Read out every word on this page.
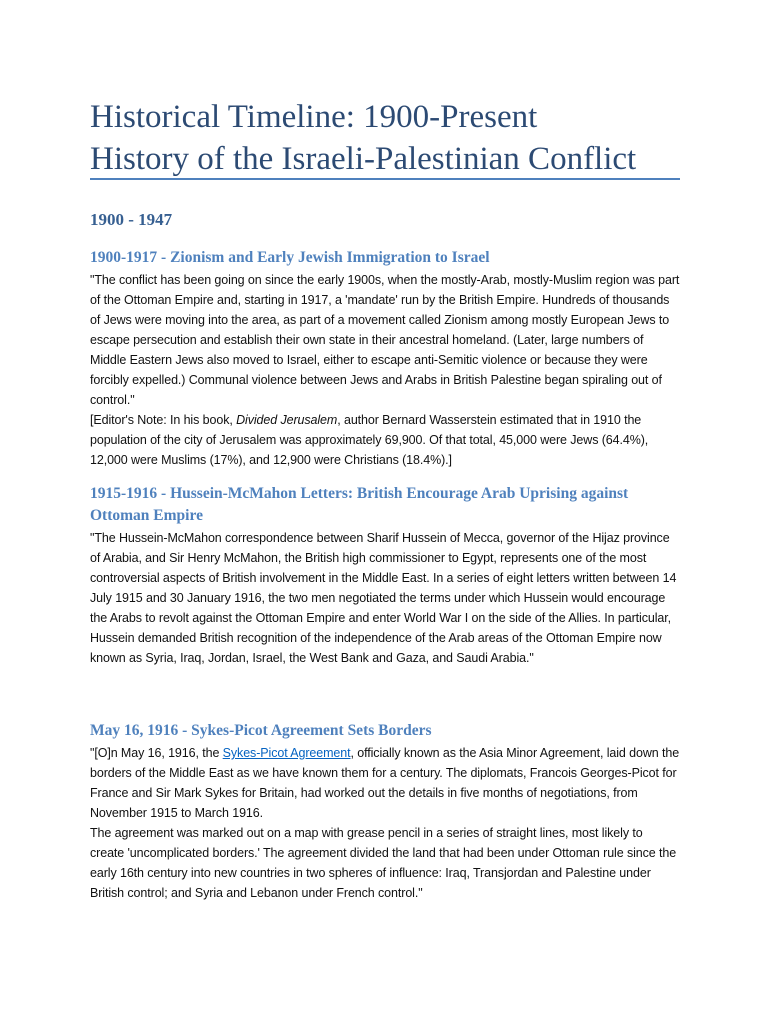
Historical Timeline: 1900-Present
History of the Israeli-Palestinian Conflict
1900 - 1947
1900-1917 - Zionism and Early Jewish Immigration to Israel

"The conflict has been going on since the early 1900s, when the mostly-Arab, mostly-Muslim region was part of the Ottoman Empire and, starting in 1917, a 'mandate' run by the British Empire. Hundreds of thousands of Jews were moving into the area, as part of a movement called Zionism among mostly European Jews to escape persecution and establish their own state in their ancestral homeland. (Later, large numbers of Middle Eastern Jews also moved to Israel, either to escape anti-Semitic violence or because they were forcibly expelled.) Communal violence between Jews and Arabs in British Palestine began spiraling out of control."

[Editor's Note: In his book, Divided Jerusalem, author Bernard Wasserstein estimated that in 1910 the population of the city of Jerusalem was approximately 69,900. Of that total, 45,000 were Jews (64.4%), 12,000 were Muslims (17%), and 12,900 were Christians (18.4%).]

1915-1916 - Hussein-McMahon Letters: British Encourage Arab Uprising against Ottoman Empire

"The Hussein-McMahon correspondence between Sharif Hussein of Mecca, governor of the Hijaz province of Arabia, and Sir Henry McMahon, the British high commissioner to Egypt, represents one of the most controversial aspects of British involvement in the Middle East. In a series of eight letters written between 14 July 1915 and 30 January 1916, the two men negotiated the terms under which Hussein would encourage the Arabs to revolt against the Ottoman Empire and enter World War I on the side of the Allies. In particular, Hussein demanded British recognition of the independence of the Arab areas of the Ottoman Empire now known as Syria, Iraq, Jordan, Israel, the West Bank and Gaza, and Saudi Arabia."

May 16, 1916 - Sykes-Picot Agreement Sets Borders

"[O]n May 16, 1916, the Sykes-Picot Agreement, officially known as the Asia Minor Agreement, laid down the borders of the Middle East as we have known them for a century. The diplomats, Francois Georges-Picot for France and Sir Mark Sykes for Britain, had worked out the details in five months of negotiations, from November 1915 to March 1916.

The agreement was marked out on a map with grease pencil in a series of straight lines, most likely to create 'uncomplicated borders.' The agreement divided the land that had been under Ottoman rule since the early 16th century into new countries in two spheres of influence: Iraq, Transjordan and Palestine under British control; and Syria and Lebanon under French control."
